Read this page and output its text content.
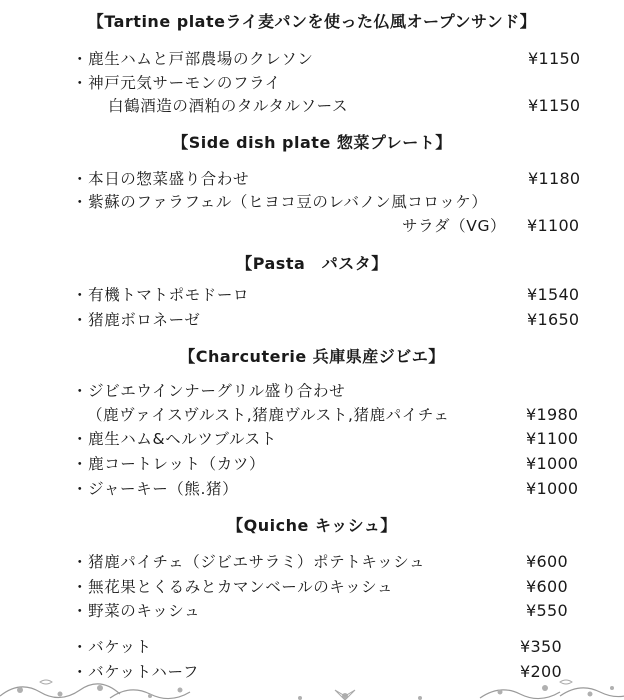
【Tartine plateライ麦パンを使った仏風オープンサンド】
・鹿生ハムと戸部農場のクレソン	¥1150
・神戸元気サーモンのフライ
白鶴酒造の酒粕のタルタルソース	¥1150
【Side dish plate 惣菜プレート】
・本日の惣菜盛り合わせ	¥1180
・紫蘇のファラフェル（ヒヨコ豆のレバノン風コロッケ）
サラダ（VG） ¥1100
【Pasta　パスタ】
・有機トマトポモドーロ	¥1540
・猪鹿ボロネーゼ	¥1650
【Charcuterie 兵庫県産ジビエ】
・ジビエウインナーグリル盛り合わせ
（鹿ヴァイスヴルスト,猪鹿ヴルスト,猪鹿パイチェ	¥1980
・鹿生ハム&ヘルツブルスト	¥1100
・鹿コートレット（カツ）	¥1000
・ジャーキー（熊.猪）	¥1000
【Quiche キッシュ】
・猪鹿パイチェ（ジビエサラミ）ポテトキッシュ	¥600
・無花果とくるみとカマンベールのキッシュ	¥600
・野菜のキッシュ	¥550
・バケット	¥350
・バケットハーフ	¥200
